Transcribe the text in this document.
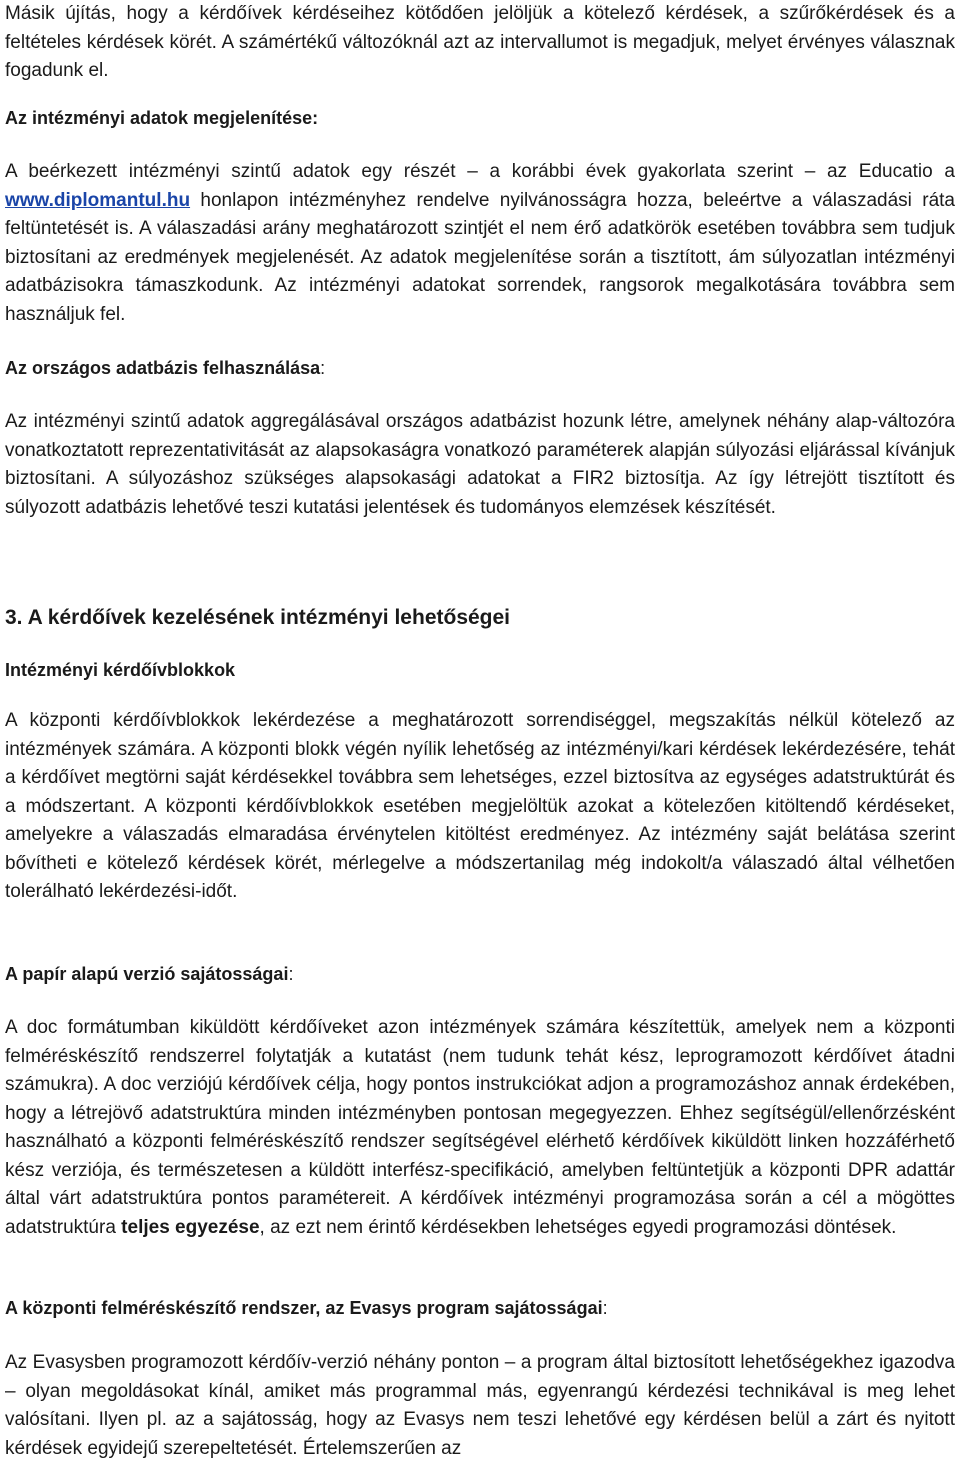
Másik újítás, hogy a kérdőívek kérdéseihez kötődően jelöljük a kötelező kérdések, a szűrőkérdések és a feltételes kérdések körét. A számértékű változóknál azt az intervallumot is megadjuk, melyet érvényes válasznak fogadunk el.

Az intézményi adatok megjelenítése:

A beérkezett intézményi szintű adatok egy részét – a korábbi évek gyakorlata szerint – az Educatio a www.diplomantul.hu honlapon intézményhez rendelve nyilvánosságra hozza, beleértve a válaszadási ráta feltüntetését is. A válaszadási arány meghatározott szintjét el nem érő adatkörök esetében továbbra sem tudjuk biztosítani az eredmények megjelenését. Az adatok megjelenítése során a tisztított, ám súlyozatlan intézményi adatbázisokra támaszkodunk. Az intézményi adatokat sorrendek, rangsorok megalkotására továbbra sem használjuk fel.

Az országos adatbázis felhasználása:

Az intézményi szintű adatok aggregálásával országos adatbázist hozunk létre, amelynek néhány alap-változóra vonatkoztatott reprezentativitását az alapsokaságra vonatkozó paraméterek alapján súlyozási eljárással kívánjuk biztosítani. A súlyozáshoz szükséges alapsokasági adatokat a FIR2 biztosítja. Az így létrejött tisztított és súlyozott adatbázis lehetővé teszi kutatási jelentések és tudományos elemzések készítését.

3. A kérdőívek kezelésének intézményi lehetőségei
Intézményi kérdőívblokkok

A központi kérdőívblokkok lekérdezése a meghatározott sorrendiséggel, megszakítás nélkül kötelező az intézmények számára. A központi blokk végén nyílik lehetőség az intézményi/kari kérdések lekérdezésére, tehát a kérdőívet megtörni saját kérdésekkel továbbra sem lehetséges, ezzel biztosítva az egységes adatstruktúrát és a módszertant. A központi kérdőívblokkok esetében megjelöltük azokat a kötelezően kitöltendő kérdéseket, amelyekre a válaszadás elmaradása érvénytelen kitöltést eredményez. Az intézmény saját belátása szerint bővítheti e kötelező kérdések körét, mérlegelve a módszertanilag még indokolt/a válaszadó által vélhetően tolerálható lekérdezési-időt.

A papír alapú verzió sajátosságai:

A doc formátumban kiküldött kérdőíveket azon intézmények számára készítettük, amelyek nem a központi felméréskészítő rendszerrel folytatják a kutatást (nem tudunk tehát kész, leprogramozott kérdőívet átadni számukra). A doc verziójú kérdőívek célja, hogy pontos instrukciókat adjon a programozáshoz annak érdekében, hogy a létrejövő adatstruktúra minden intézményben pontosan megegyezzen. Ehhez segítségül/ellenőrzésként használható a központi felméréskészítő rendszer segítségével elérhető kérdőívek kiküldött linken hozzáférhető kész verziója, és természetesen a küldött interfész-specifikáció, amelyben feltüntetjük a központi DPR adattár által várt adatstruktúra pontos paramétereit. A kérdőívek intézményi programozása során a cél a mögöttes adatstruktúra teljes egyezése, az ezt nem érintő kérdésekben lehetséges egyedi programozási döntések.

A központi felméréskészítő rendszer, az Evasys program sajátosságai:

Az Evasysben programozott kérdőív-verzió néhány ponton – a program által biztosított lehetőségekhez igazodva – olyan megoldásokat kínál, amiket más programmal más, egyenrangú kérdezési technikával is meg lehet valósítani. Ilyen pl. az a sajátosság, hogy az Evasys nem teszi lehetővé egy kérdésen belül a zárt és nyitott kérdések egyidejű szerepeltetését. Értelemszerűen az
